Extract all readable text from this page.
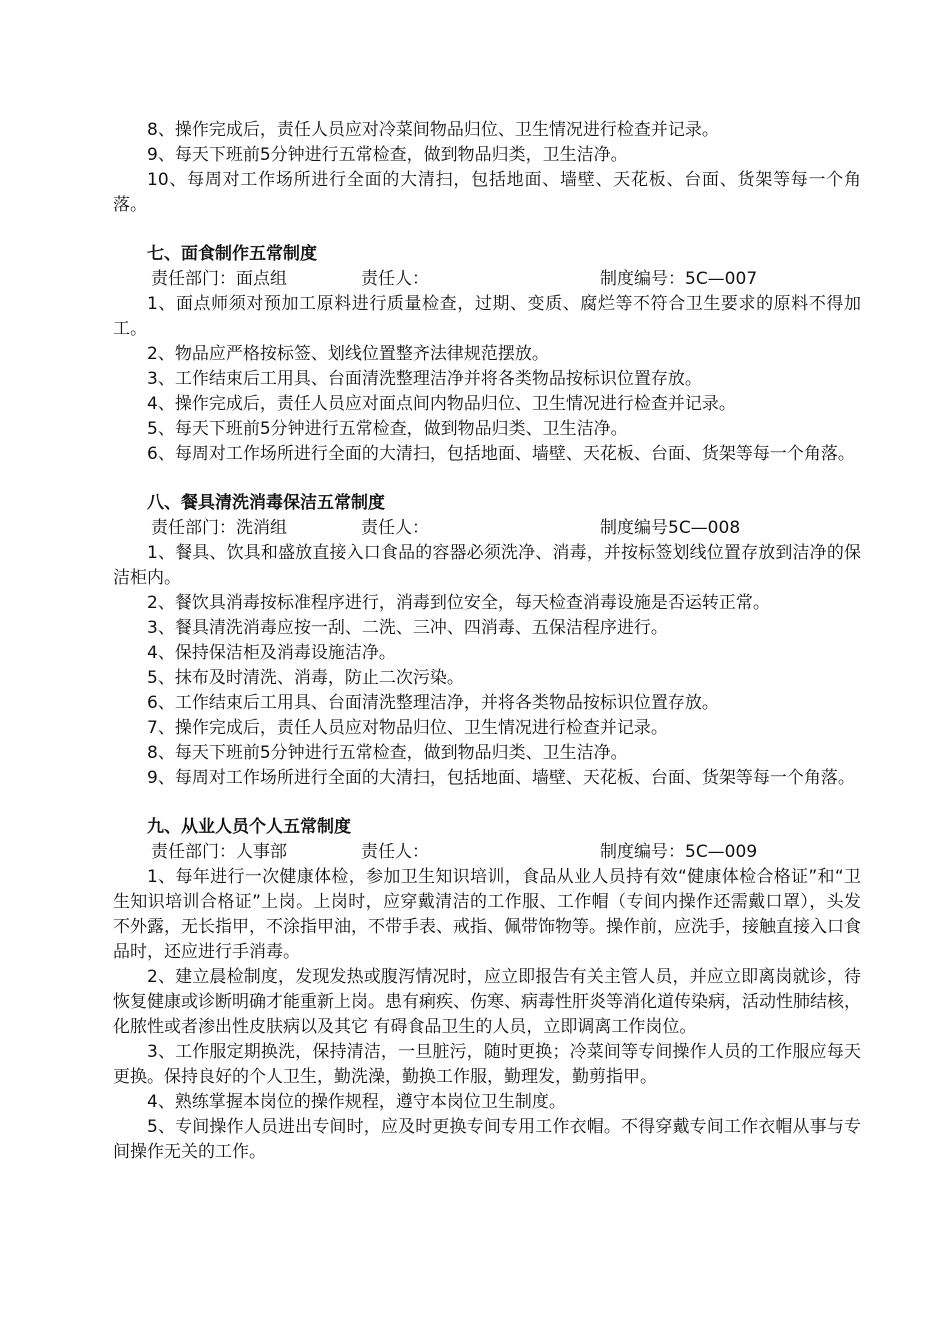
8、操作完成后，责任人员应对冷菜间物品归位、卫生情况进行检查并记录。

9、每天下班前5分钟进行五常检查，做到物品归类，卫生洁净。

10、每周对工作场所进行全面的大清扫，包括地面、墙壁、天花板、台面、货架等每一个角落。

七、面食制作五常制度

责任部门：面点组	责任人：	制度编号：5C—007

1、面点师须对预加工原料进行质量检查，过期、变质、腐烂等不符合卫生要求的原料不得加工。

2、物品应严格按标签、划线位置整齐法律规范摆放。

3、工作结束后工用具、台面清洗整理洁净并将各类物品按标识位置存放。

4、操作完成后，责任人员应对面点间内物品归位、卫生情况进行检查并记录。

5、每天下班前5分钟进行五常检查，做到物品归类、卫生洁净。

6、每周对工作场所进行全面的大清扫，包括地面、墙壁、天花板、台面、货架等每一个角落。

八、餐具清洗消毒保洁五常制度

责任部门：洗消组	责任人：	制度编号5C—008

1、餐具、饮具和盛放直接入口食品的容器必须洗净、消毒，并按标签划线位置存放到洁净的保洁柜内。

2、餐饮具消毒按标准程序进行，消毒到位安全，每天检查消毒设施是否运转正常。

3、餐具清洗消毒应按一刮、二洗、三冲、四消毒、五保洁程序进行。

4、保持保洁柜及消毒设施洁净。

5、抹布及时清洗、消毒，防止二次污染。

6、工作结束后工用具、台面清洗整理洁净，并将各类物品按标识位置存放。

7、操作完成后，责任人员应对物品归位、卫生情况进行检查并记录。

8、每天下班前5分钟进行五常检查，做到物品归类、卫生洁净。

9、每周对工作场所进行全面的大清扫，包括地面、墙壁、天花板、台面、货架等每一个角落。

九、从业人员个人五常制度

责任部门：人事部	责任人：	制度编号：5C—009

1、每年进行一次健康体检，参加卫生知识培训，食品从业人员持有效“健康体检合格证”和“卫生知识培训合格证”上岗。上岗时，应穿戴清洁的工作服、工作帽（专间内操作还需戴口罩），头发不外露，无长指甲，不涂指甲油，不带手表、戒指、佩带饰物等。操作前，应洗手，接触直接入口食品时，还应进行手消毒。

2、建立晨检制度，发现发热或腹泻情况时，应立即报告有关主管人员，并应立即离岗就诊，待恢复健康或诊断明确才能重新上岗。患有痢疾、伤寒、病毒性肝炎等消化道传染病，活动性肺结核，化脓性或者渗出性皮肤病以及其它 有碍食品卫生的人员，立即调离工作岗位。

3、工作服定期换洗，保持清洁，一旦脏污，随时更换；冷菜间等专间操作人员的工作服应每天更换。保持良好的个人卫生，勤洗澡，勤换工作服，勤理发，勤剪指甲。

4、熟练掌握本岗位的操作规程，遵守本岗位卫生制度。

5、专间操作人员进出专间时，应及时更换专间专用工作衣帽。不得穿戴专间工作衣帽从事与专间操作无关的工作。
